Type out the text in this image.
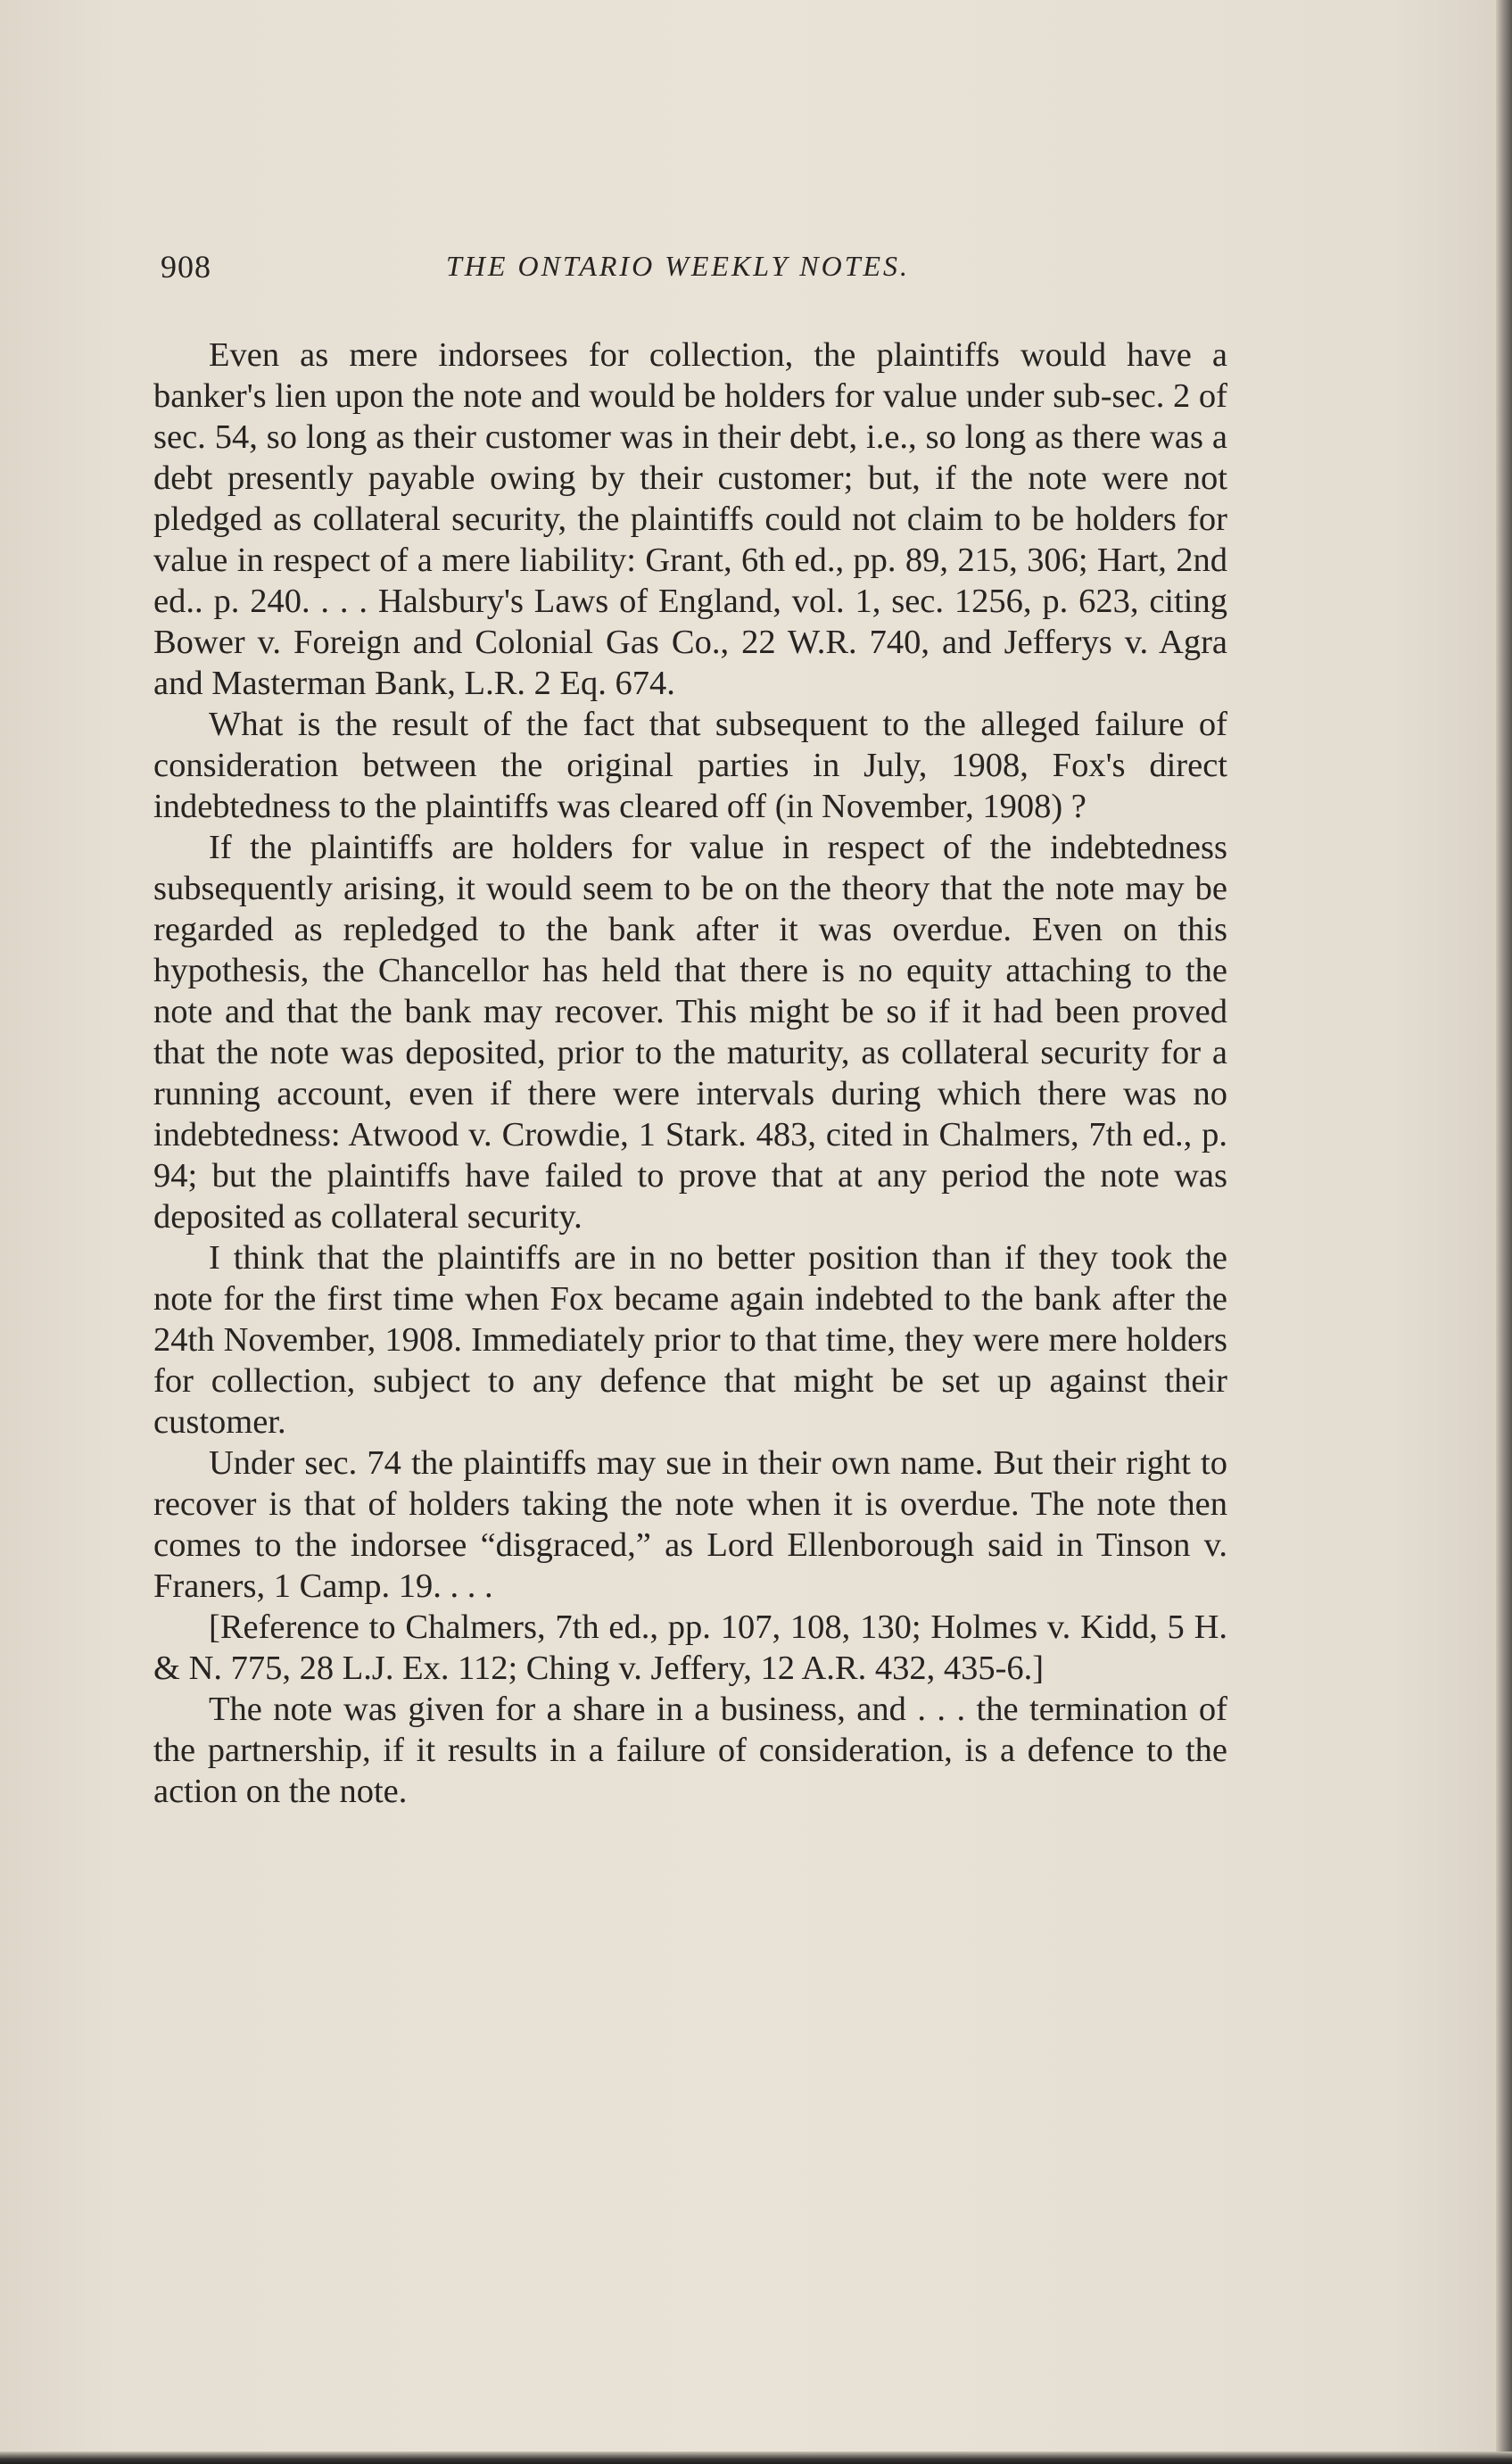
908	THE ONTARIO WEEKLY NOTES.

Even as mere indorsees for collection, the plaintiffs would have a banker's lien upon the note and would be holders for value under sub-sec. 2 of sec. 54, so long as their customer was in their debt, i.e., so long as there was a debt presently payable owing by their customer; but, if the note were not pledged as collateral security, the plaintiffs could not claim to be holders for value in respect of a mere liability: Grant, 6th ed., pp. 89, 215, 306; Hart, 2nd ed.. p. 240. . . . Halsbury's Laws of England, vol. 1, sec. 1256, p. 623, citing Bower v. Foreign and Colonial Gas Co., 22 W.R. 740, and Jefferys v. Agra and Masterman Bank, L.R. 2 Eq. 674.

What is the result of the fact that subsequent to the alleged failure of consideration between the original parties in July, 1908, Fox's direct indebtedness to the plaintiffs was cleared off (in November, 1908) ?

If the plaintiffs are holders for value in respect of the indebtedness subsequently arising, it would seem to be on the theory that the note may be regarded as repledged to the bank after it was overdue. Even on this hypothesis, the Chancellor has held that there is no equity attaching to the note and that the bank may recover. This might be so if it had been proved that the note was deposited, prior to the maturity, as collateral security for a running account, even if there were intervals during which there was no indebtedness: Atwood v. Crowdie, 1 Stark. 483, cited in Chalmers, 7th ed., p. 94; but the plaintiffs have failed to prove that at any period the note was deposited as collateral security.

I think that the plaintiffs are in no better position than if they took the note for the first time when Fox became again indebted to the bank after the 24th November, 1908. Immediately prior to that time, they were mere holders for collection, subject to any defence that might be set up against their customer.

Under sec. 74 the plaintiffs may sue in their own name. But their right to recover is that of holders taking the note when it is overdue. The note then comes to the indorsee “disgraced,” as Lord Ellenborough said in Tinson v. Franers, 1 Camp. 19. . . .

[Reference to Chalmers, 7th ed., pp. 107, 108, 130; Holmes v. Kidd, 5 H. & N. 775, 28 L.J. Ex. 112; Ching v. Jeffery, 12 A.R. 432, 435-6.]

The note was given for a share in a business, and . . . the termination of the partnership, if it results in a failure of consideration, is a defence to the action on the note.
